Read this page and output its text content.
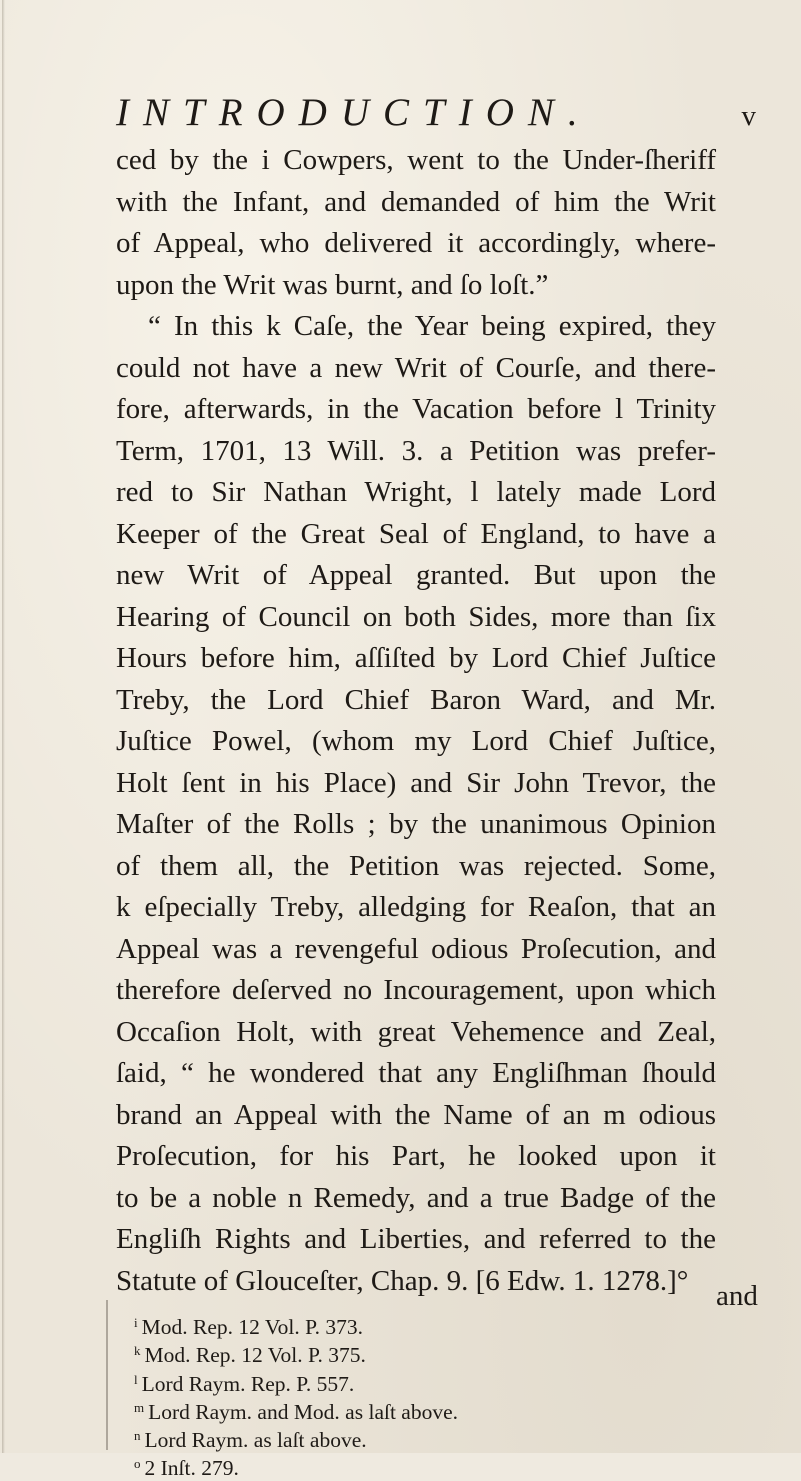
INTRODUCTION.	v
ced by the i Cowpers, went to the Under-ſheriff
with the Infant, and demanded of him the Writ
of Appeal, who delivered it accordingly, where-
upon the Writ was burnt, and ſo loſt.”
“ In this k Caſe, the Year being expired, they
could not have a new Writ of Courſe, and there-
fore, afterwards, in the Vacation before l Trinity
Term, 1701, 13 Will. 3. a Petition was prefer-
red to Sir Nathan Wright, l lately made Lord
Keeper of the Great Seal of England, to have a
new Writ of Appeal granted. But upon the
Hearing of Council on both Sides, more than ſix
Hours before him, aſſiſted by Lord Chief Juſtice
Treby, the Lord Chief Baron Ward, and Mr.
Juſtice Powel, (whom my Lord Chief Juſtice,
Holt ſent in his Place) and Sir John Trevor, the
Maſter of the Rolls ; by the unanimous Opinion
of them all, the Petition was rejected. Some,
k eſpecially Treby, alledging for Reaſon, that an
Appeal was a revengeful odious Proſecution, and
therefore deſerved no Incouragement, upon which
Occaſion Holt, with great Vehemence and Zeal,
ſaid, “ he wondered that any Engliſhman ſhould
brand an Appeal with the Name of an m odious
Proſecution, for his Part, he looked upon it
to be a noble n Remedy, and a true Badge of the
Engliſh Rights and Liberties, and referred to the
Statute of Glouceſter, Chap. 9. [6 Edw. 1. 1278.]° and
$^i$ Mod. Rep. 12 Vol. P. 373.
$^k$ Mod. Rep. 12 Vol. P. 375.
$^l$ Lord Raym. Rep. P. 557.
$^m$ Lord Raym. and Mod. as laſt above.
$^n$ Lord Raym. as laſt above.
$^o$ 2 Inſt. 279.
